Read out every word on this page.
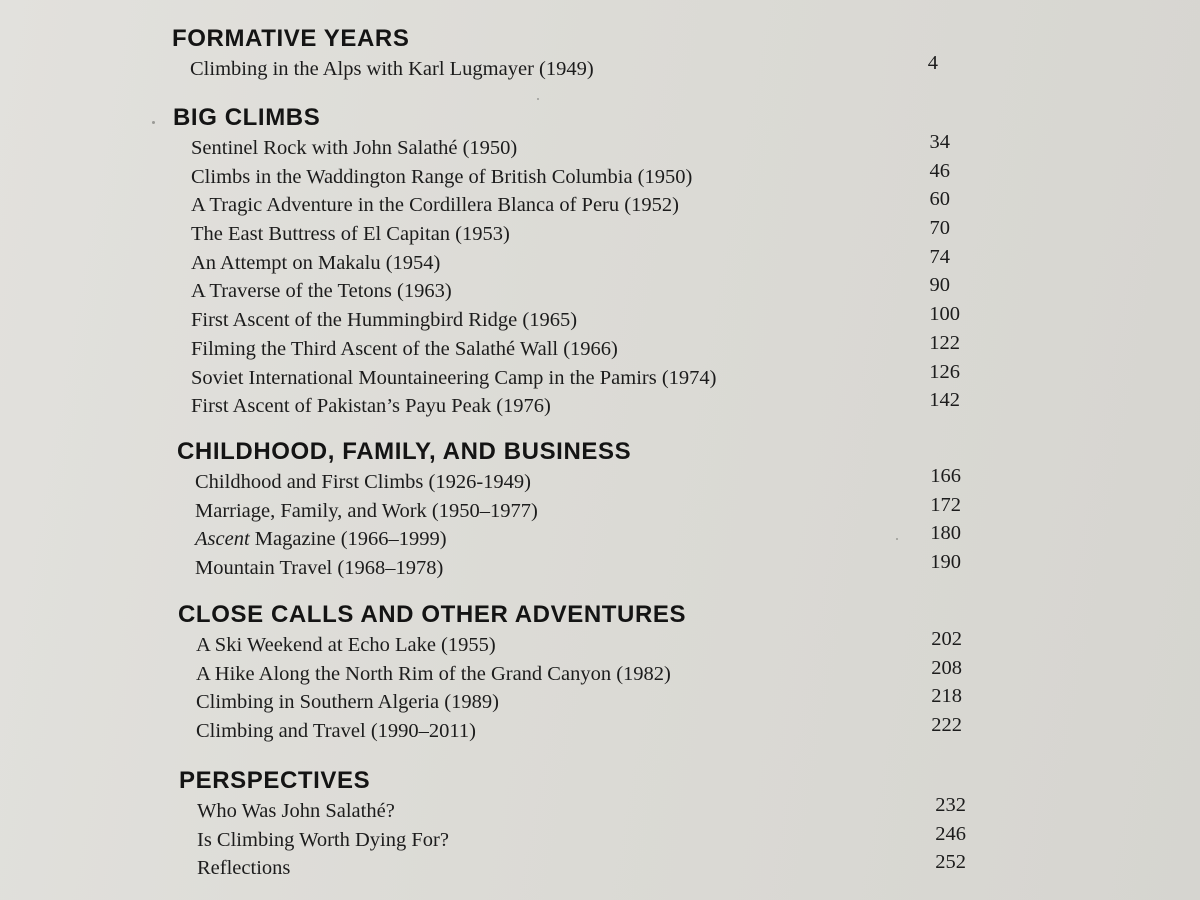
FORMATIVE YEARS
Climbing in the Alps with Karl Lugmayer (1949)	4
BIG CLIMBS
Sentinel Rock with John Salathé (1950)	34
Climbs in the Waddington Range of British Columbia (1950)	46
A Tragic Adventure in the Cordillera Blanca of Peru (1952)	60
The East Buttress of El Capitan (1953)	70
An Attempt on Makalu (1954)	74
A Traverse of the Tetons (1963)	90
First Ascent of the Hummingbird Ridge (1965)	100
Filming the Third Ascent of the Salathé Wall (1966)	122
Soviet International Mountaineering Camp in the Pamirs (1974)	126
First Ascent of Pakistan’s Payu Peak (1976)	142
CHILDHOOD, FAMILY, AND BUSINESS
Childhood and First Climbs (1926-1949)	166
Marriage, Family, and Work (1950–1977)	172
Ascent Magazine (1966–1999)	180
Mountain Travel (1968–1978)	190
CLOSE CALLS AND OTHER ADVENTURES
A Ski Weekend at Echo Lake (1955)	202
A Hike Along the North Rim of the Grand Canyon (1982)	208
Climbing in Southern Algeria (1989)	218
Climbing and Travel (1990–2011)	222
PERSPECTIVES
Who Was John Salathé?	232
Is Climbing Worth Dying For?	246
Reflections	252
